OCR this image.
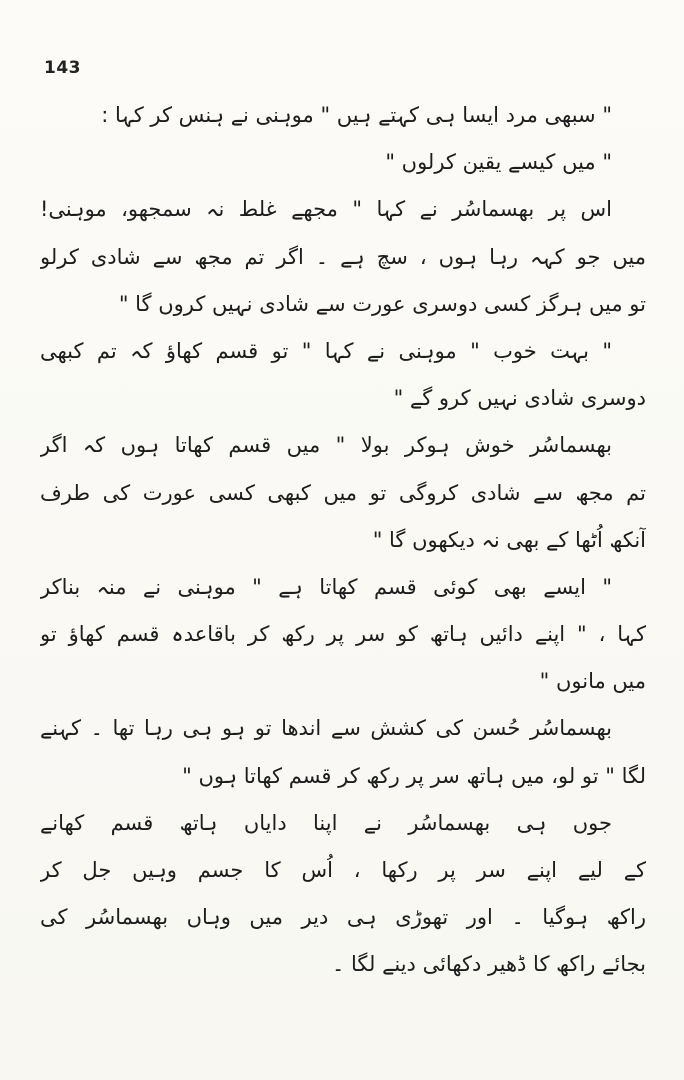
143
" سبھی مرد ایسا ہی کہتے ہیں " موہنی نے ہنس کر کہا :
" میں کیسے یقین کرلوں "
اس پر بھسماسُر نے کہا " مجھے غلط نہ سمجھو، موہنی!
میں جو کہہ رہا ہوں ، سچ ہے ۔ اگر تم مجھ سے شادی کرلو
تو میں ہرگز کسی دوسری عورت سے شادی نہیں کروں گا "
" بہت خوب " موہنی نے کہا " تو قسم کھاؤ کہ تم کبھی
دوسری شادی نہیں کرو گے "
بھسماسُر خوش ہوکر بولا " میں قسم کھاتا ہوں کہ اگر
تم مجھ سے شادی کروگی تو میں کبھی کسی عورت کی طرف
آنکھ اُٹھا کے بھی نہ دیکھوں گا "
" ایسے بھی کوئی قسم کھاتا ہے " موہنی نے منہ بناکر
کہا ، " اپنے دائیں ہاتھ کو سر پر رکھ کر باقاعدہ قسم کھاؤ تو
میں مانوں "
بھسماسُر حُسن کی کشش سے اندھا تو ہو ہی رہا تھا ۔ کہنے
لگا " تو لو، میں ہاتھ سر پر رکھ کر قسم کھاتا ہوں "
جوں ہی بھسماسُر نے اپنا دایاں ہاتھ قسم کھانے
کے لیے اپنے سر پر رکھا ، اُس کا جسم وہیں جل کر
راکھ ہوگیا ۔ اور تھوڑی ہی دیر میں وہاں بھسماسُر کی
بجائے راکھ کا ڈھیر دکھائی دینے لگا ۔
